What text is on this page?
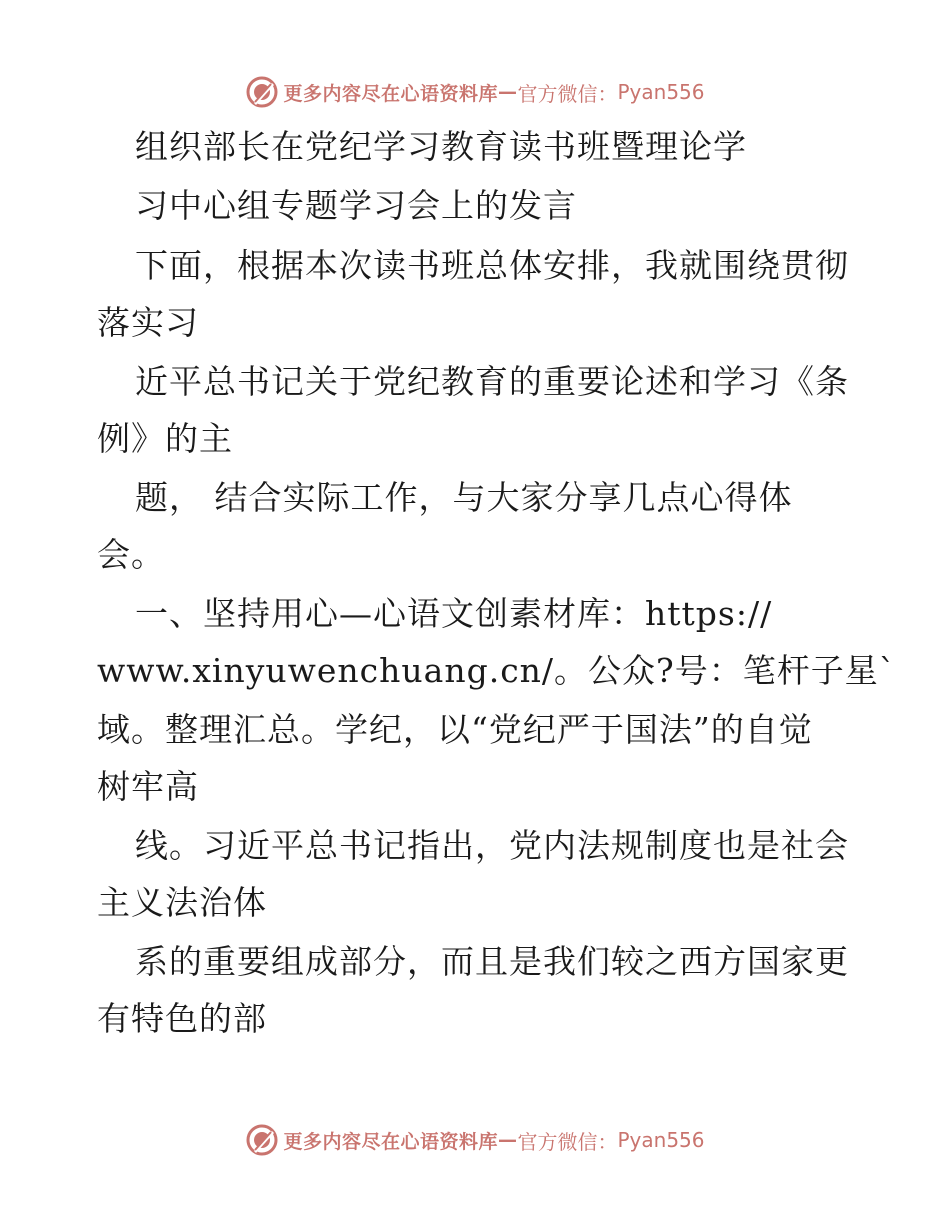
更多内容尽在心语资料库 — 官方微信： Pyan556
组织部长在党纪学习教育读书班暨理论学
习中心组专题学习会上的发言
下面，根据本次读书班总体安排，我就围绕贯彻
落实习
近平总书记关于党纪教育的重要论述和学习《条
例》的主
题， 结合实际工作，与大家分享几点心得体
会。
一、坚持用心—心语文创素材库：https://
www.xinyuwenchuang.cn/。公众?号：笔杆子星`
域。整理汇总。学纪，以“党纪严于国法”的自觉
树牢高
线。习近平总书记指出，党内法规制度也是社会
主义法治体
系的重要组成部分，而且是我们较之西方国家更
有特色的部
更多内容尽在心语资料库 — 官方微信： Pyan556
